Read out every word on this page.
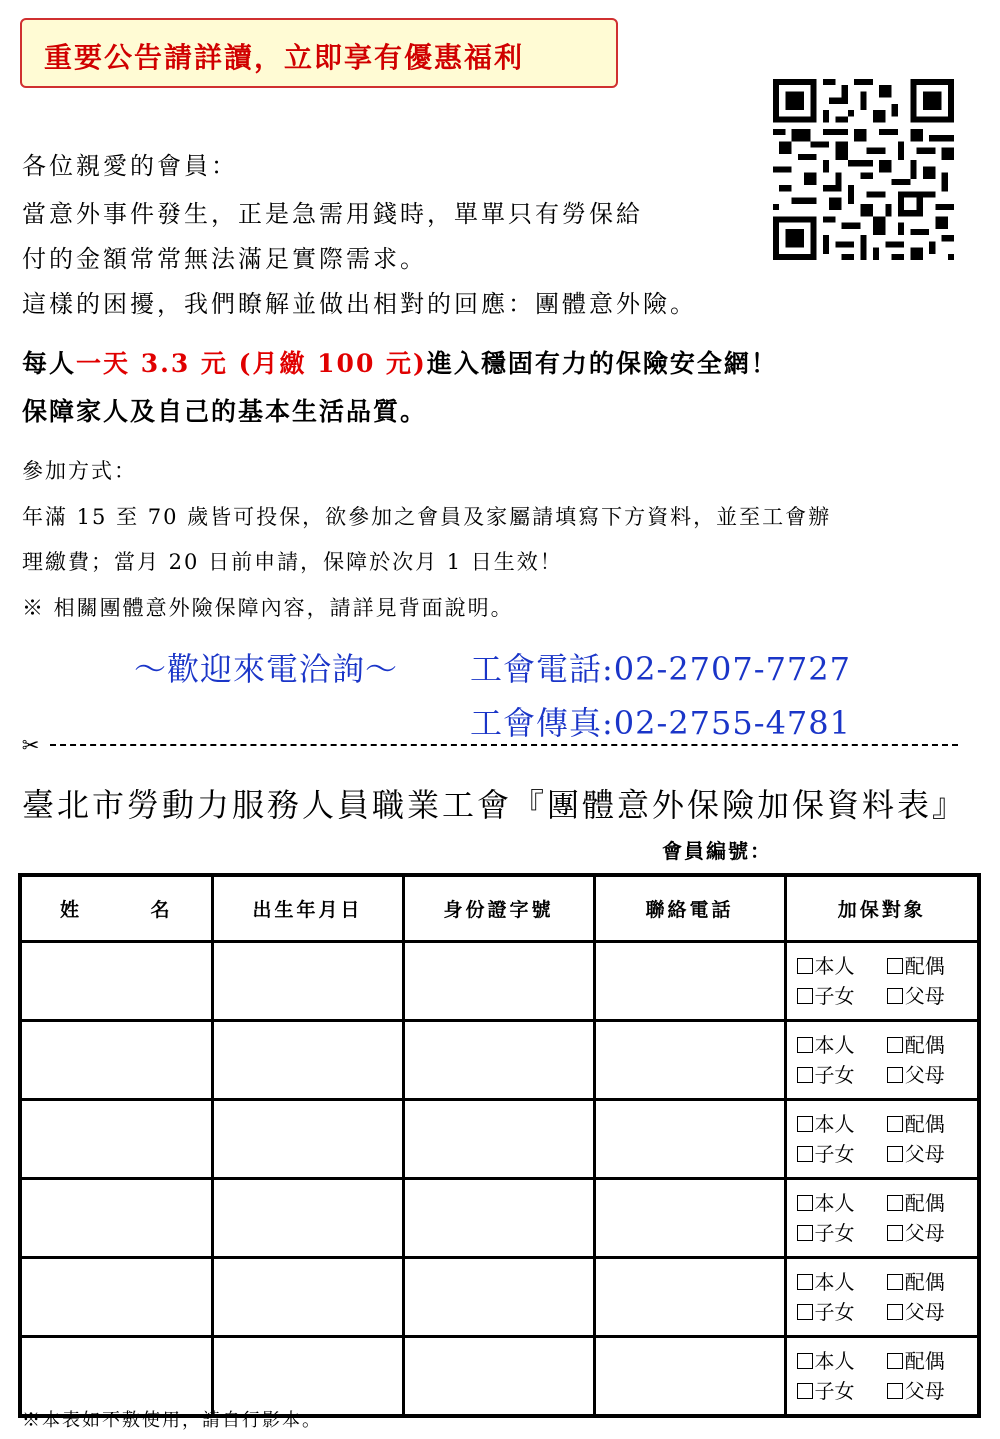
重要公告請詳讀，立即享有優惠福利
各位親愛的會員：
當意外事件發生，正是急需用錢時，單單只有勞保給
付的金額常常無法滿足實際需求。
這樣的困擾，我們瞭解並做出相對的回應：團體意外險。
每人一天 3.3 元 (月繳 100 元)進入穩固有力的保險安全網！
保障家人及自己的基本生活品質。
參加方式：
年滿 15 至 70 歲皆可投保，欲參加之會員及家屬請填寫下方資料，並至工會辦
理繳費；當月 20 日前申請，保障於次月 1 日生效！
※ 相關團體意外險保障內容，請詳見背面說明。
～歡迎來電洽詢～ 工會電話:02-2707-7727
工會傳真:02-2755-4781
✂
臺北市勞動力服務人員職業工會『團體意外保險加保資料表』
會員編號：
姓 名	出生年月日	身份證字號	聯絡電話	加保對象

				本人 配偶
子女 父母

				本人 配偶
子女 父母

				本人 配偶
子女 父母

				本人 配偶
子女 父母

				本人 配偶
子女 父母

				本人 配偶
子女 父母
※本表如不敷使用，請自行影本。
